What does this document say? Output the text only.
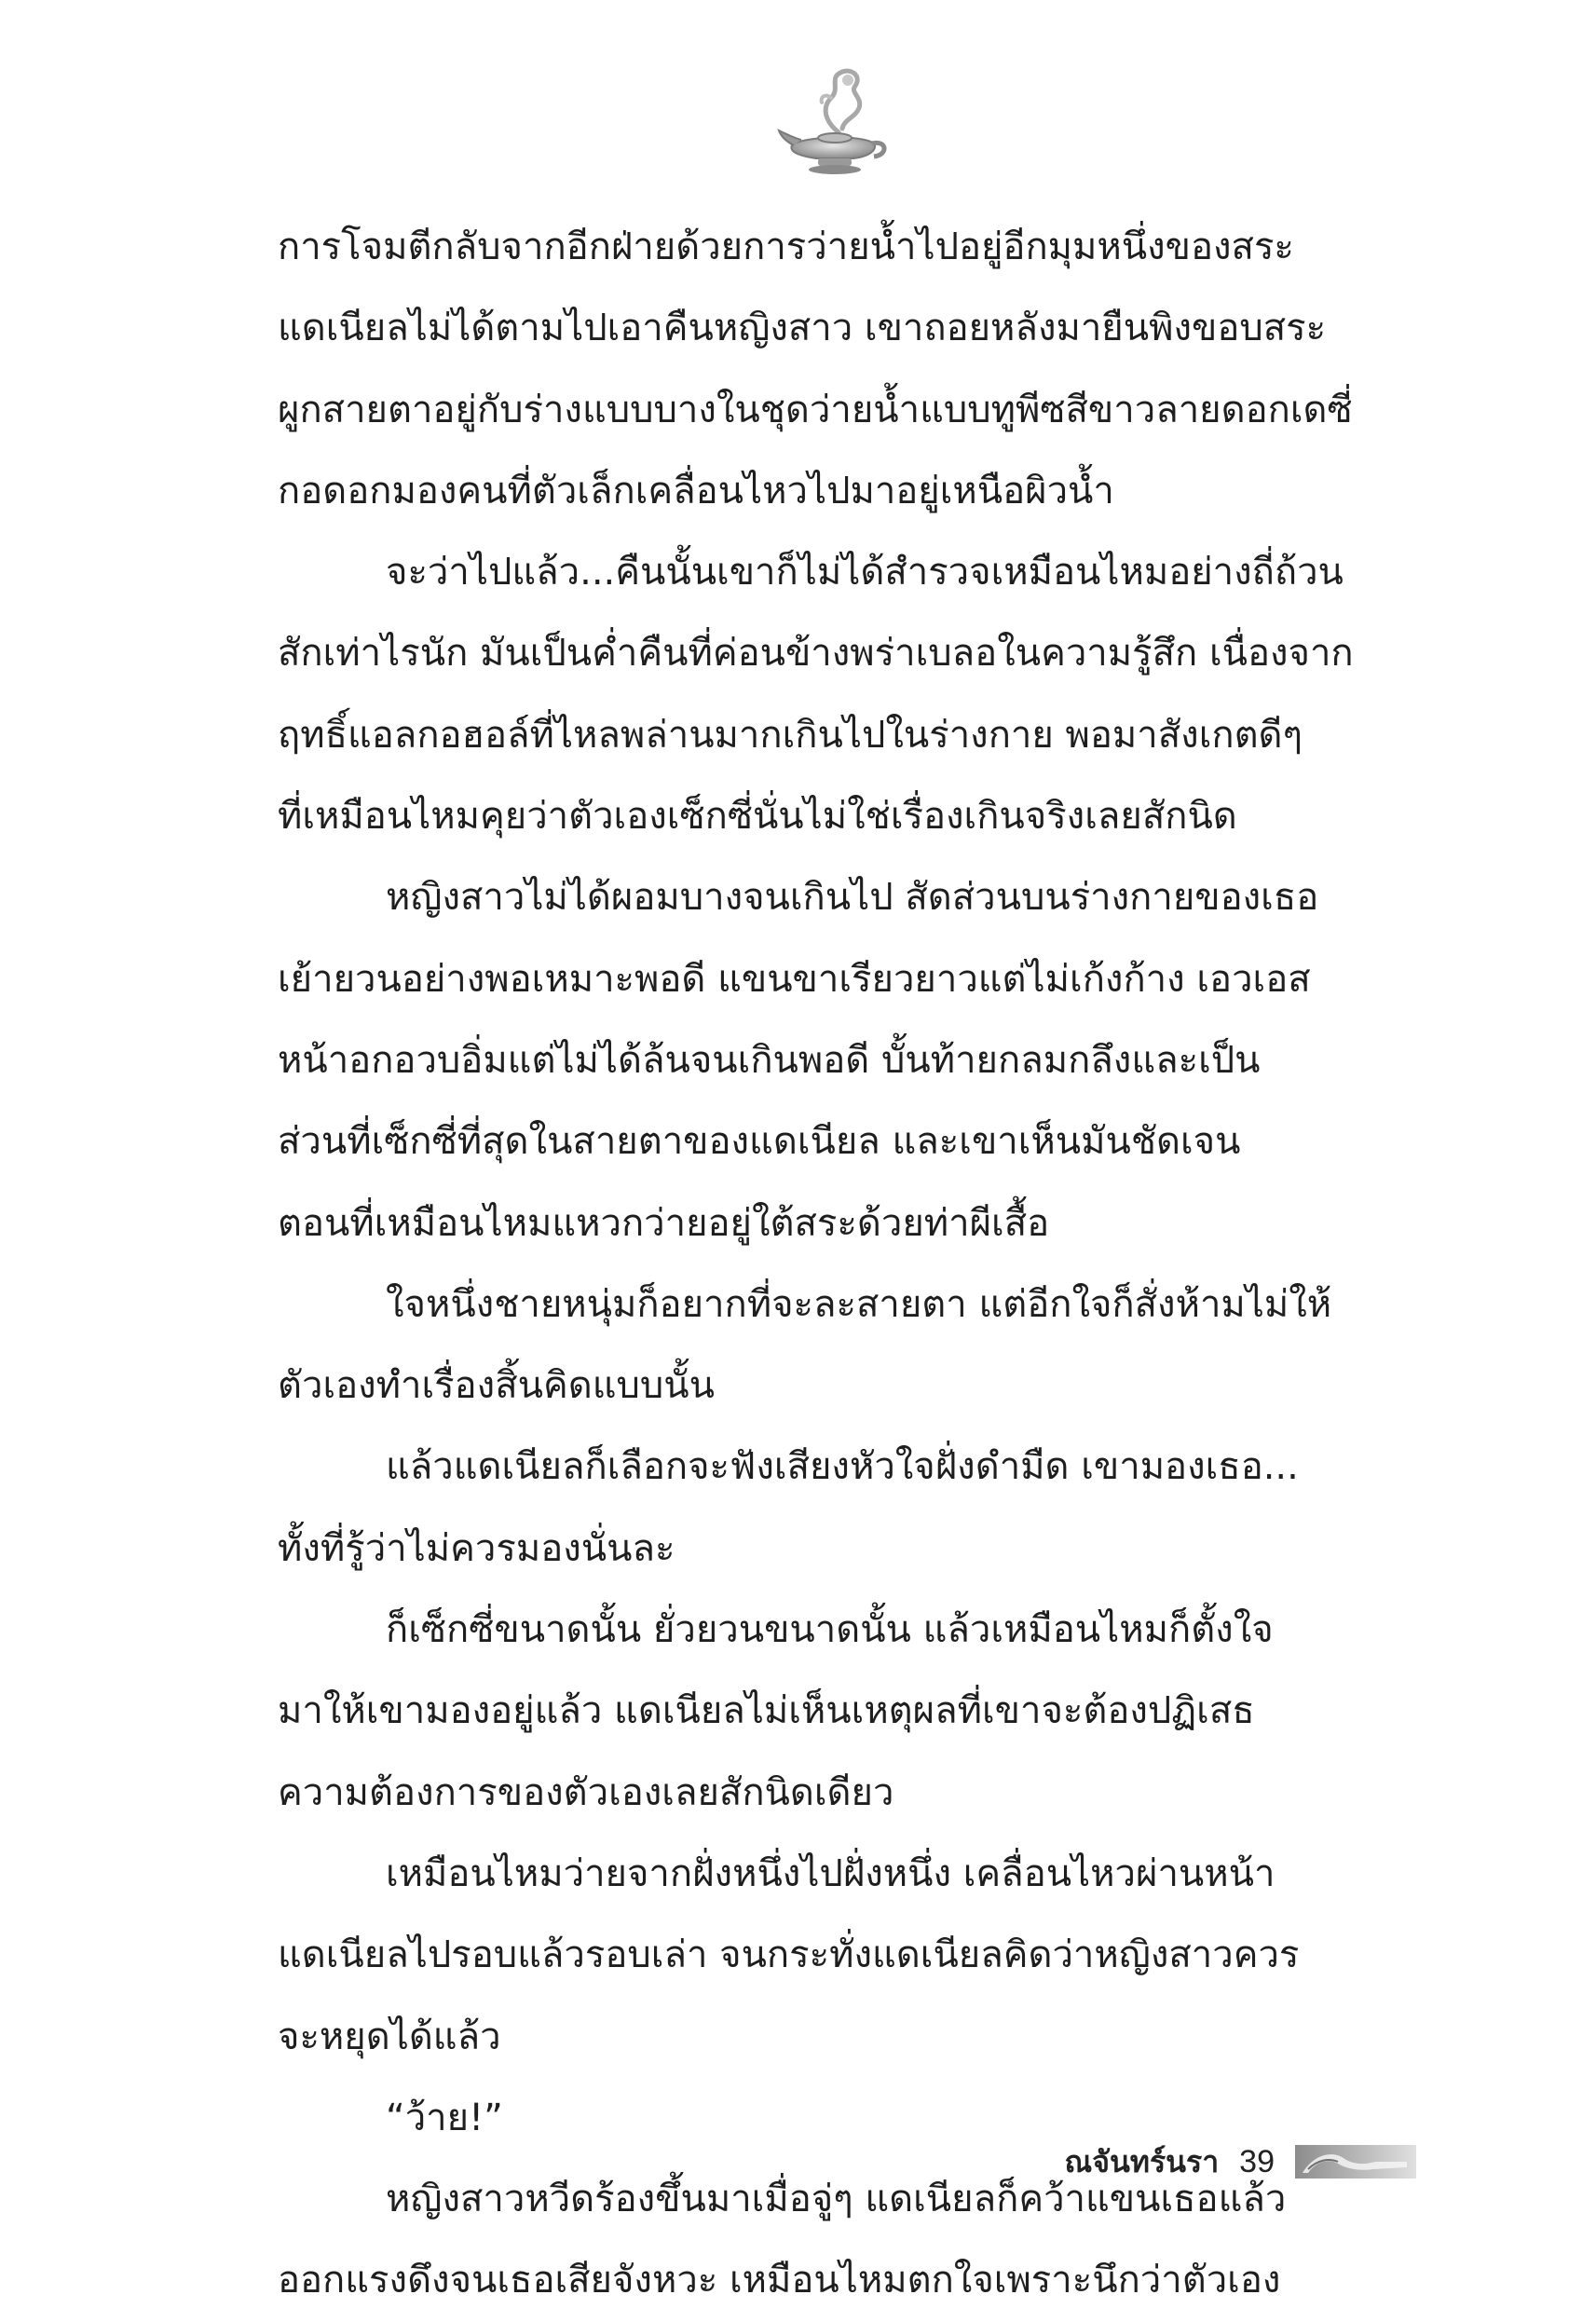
การโจมตีกลับจากอีกฝ่ายด้วยการว่ายน้ำไปอยู่อีกมุมหนึ่งของสระ
แดเนียลไม่ได้ตามไปเอาคืนหญิงสาว เขาถอยหลังมายืนพิงขอบสระ
ผูกสายตาอยู่กับร่างแบบบางในชุดว่ายน้ำแบบทูพีซสีขาวลายดอกเดซี่
กอดอกมองคนที่ตัวเล็กเคลื่อนไหวไปมาอยู่เหนือผิวน้ำ
จะว่าไปแล้ว...คืนนั้นเขาก็ไม่ได้สำรวจเหมือนไหมอย่างถี่ถ้วน
สักเท่าไรนัก มันเป็นค่ำคืนที่ค่อนข้างพร่าเบลอในความรู้สึก เนื่องจาก
ฤทธิ์แอลกอฮอล์ที่ไหลพล่านมากเกินไปในร่างกาย พอมาสังเกตดีๆ
ที่เหมือนไหมคุยว่าตัวเองเซ็กซี่นั่นไม่ใช่เรื่องเกินจริงเลยสักนิด
หญิงสาวไม่ได้ผอมบางจนเกินไป สัดส่วนบนร่างกายของเธอ
เย้ายวนอย่างพอเหมาะพอดี แขนขาเรียวยาวแต่ไม่เก้งก้าง เอวเอส
หน้าอกอวบอิ่มแต่ไม่ได้ล้นจนเกินพอดี บั้นท้ายกลมกลึงและเป็น
ส่วนที่เซ็กซี่ที่สุดในสายตาของแดเนียล และเขาเห็นมันชัดเจน
ตอนที่เหมือนไหมแหวกว่ายอยู่ใต้สระด้วยท่าผีเสื้อ
ใจหนึ่งชายหนุ่มก็อยากที่จะละสายตา แต่อีกใจก็สั่งห้ามไม่ให้
ตัวเองทำเรื่องสิ้นคิดแบบนั้น
แล้วแดเนียลก็เลือกจะฟังเสียงหัวใจฝั่งดำมืด เขามองเธอ...
ทั้งที่รู้ว่าไม่ควรมองนั่นละ
ก็เซ็กซี่ขนาดนั้น ยั่วยวนขนาดนั้น แล้วเหมือนไหมก็ตั้งใจ
มาให้เขามองอยู่แล้ว แดเนียลไม่เห็นเหตุผลที่เขาจะต้องปฏิเสธ
ความต้องการของตัวเองเลยสักนิดเดียว
เหมือนไหมว่ายจากฝั่งหนึ่งไปฝั่งหนึ่ง เคลื่อนไหวผ่านหน้า
แดเนียลไปรอบแล้วรอบเล่า จนกระทั่งแดเนียลคิดว่าหญิงสาวควร
จะหยุดได้แล้ว
“ว้าย!”
หญิงสาวหวีดร้องขึ้นมาเมื่อจู่ๆ แดเนียลก็คว้าแขนเธอแล้ว
ออกแรงดึงจนเธอเสียจังหวะ เหมือนไหมตกใจเพราะนึกว่าตัวเอง
ณจันทร์นรา 39
